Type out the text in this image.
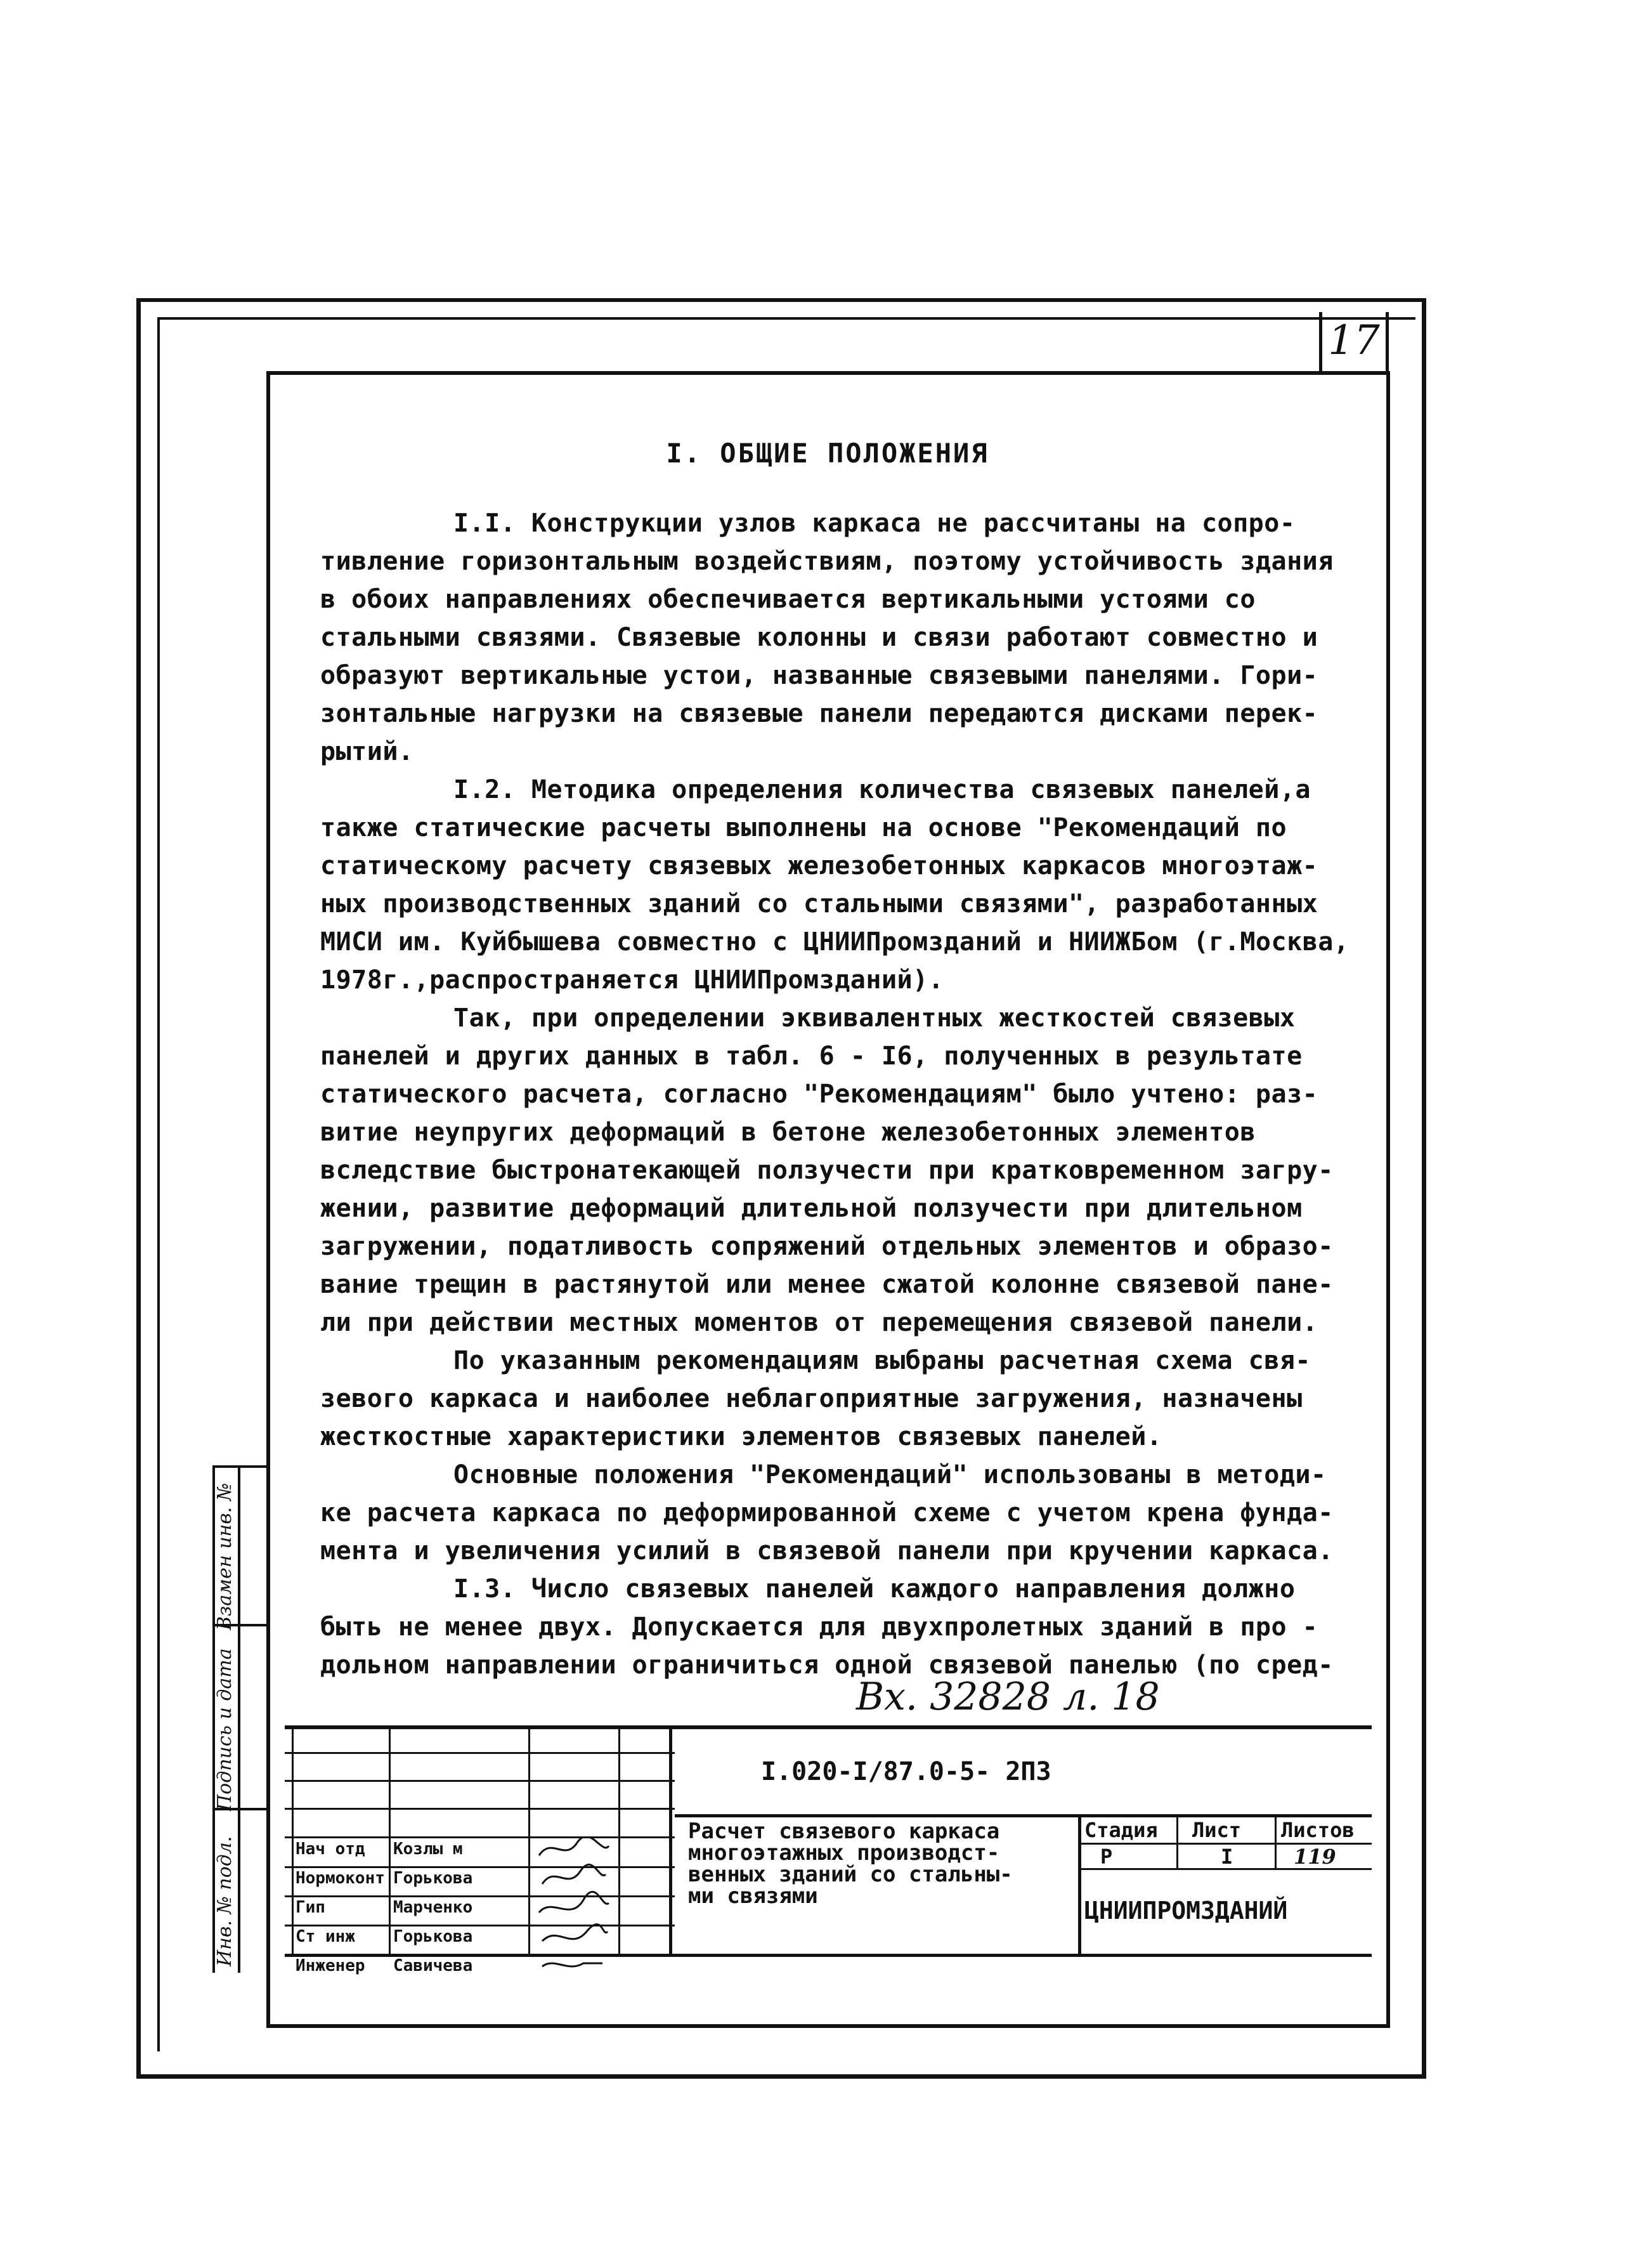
17
I. ОБЩИЕ ПОЛОЖЕНИЯ
I.I. Конструкции узлов каркаса не рассчитаны на сопро-
тивление горизонтальным воздействиям, поэтому устойчивость здания
в обоих направлениях обеспечивается вертикальными устоями со
стальными связями. Связевые колонны и связи работают совместно и
образуют вертикальные устои, названные связевыми панелями. Гори-
зонтальные нагрузки на связевые панели передаются дисками перек-
рытий.
I.2. Методика определения количества связевых панелей,а
также статические расчеты выполнены на основе "Рекомендаций по
статическому расчету связевых железобетонных каркасов многоэтаж-
ных производственных зданий со стальными связями", разработанных
МИСИ им. Куйбышева совместно с ЦНИИПромзданий и НИИЖБом (г.Москва,
1978г.,распространяется ЦНИИПромзданий).
Так, при определении эквивалентных жесткостей связевых
панелей и других данных в табл. 6 - I6, полученных в результате
статического расчета, согласно "Рекомендациям" было учтено: раз-
витие неупругих деформаций в бетоне железобетонных элементов
вследствие быстронатекающей ползучести при кратковременном загру-
жении, развитие деформаций длительной ползучести при длительном
загружении, податливость сопряжений отдельных элементов и образо-
вание трещин в растянутой или менее сжатой колонне связевой пане-
ли при действии местных моментов от перемещения связевой панели.
По указанным рекомендациям выбраны расчетная схема свя-
зевого каркаса и наиболее неблагоприятные загружения, назначены
жесткостные характеристики элементов связевых панелей.
Основные положения "Рекомендаций" использованы в методи-
ке расчета каркаса по деформированной схеме с учетом крена фунда-
мента и увеличения усилий в связевой панели при кручении каркаса.
I.3. Число связевых панелей каждого направления должно
быть не менее двух. Допускается для двухпролетных зданий в про -
дольном направлении ограничиться одной связевой панелью (по сред-
Вх. 32828 л. 18
Инв. № подл.
Подпись и дата
Взамен инв. №
I.020-I/87.0-5- 2ПЗ
Расчет связевого каркаса
многоэтажных производст-
венных зданий со стальны-
ми связями
Стадия Лист Листов
Р	I	119
ЦНИИПРОМЗДАНИЙ
Нач отд Козлы м
Нормоконт Горькова
Гип	Марченко
Ст инж Горькова
Инженер Савичева
